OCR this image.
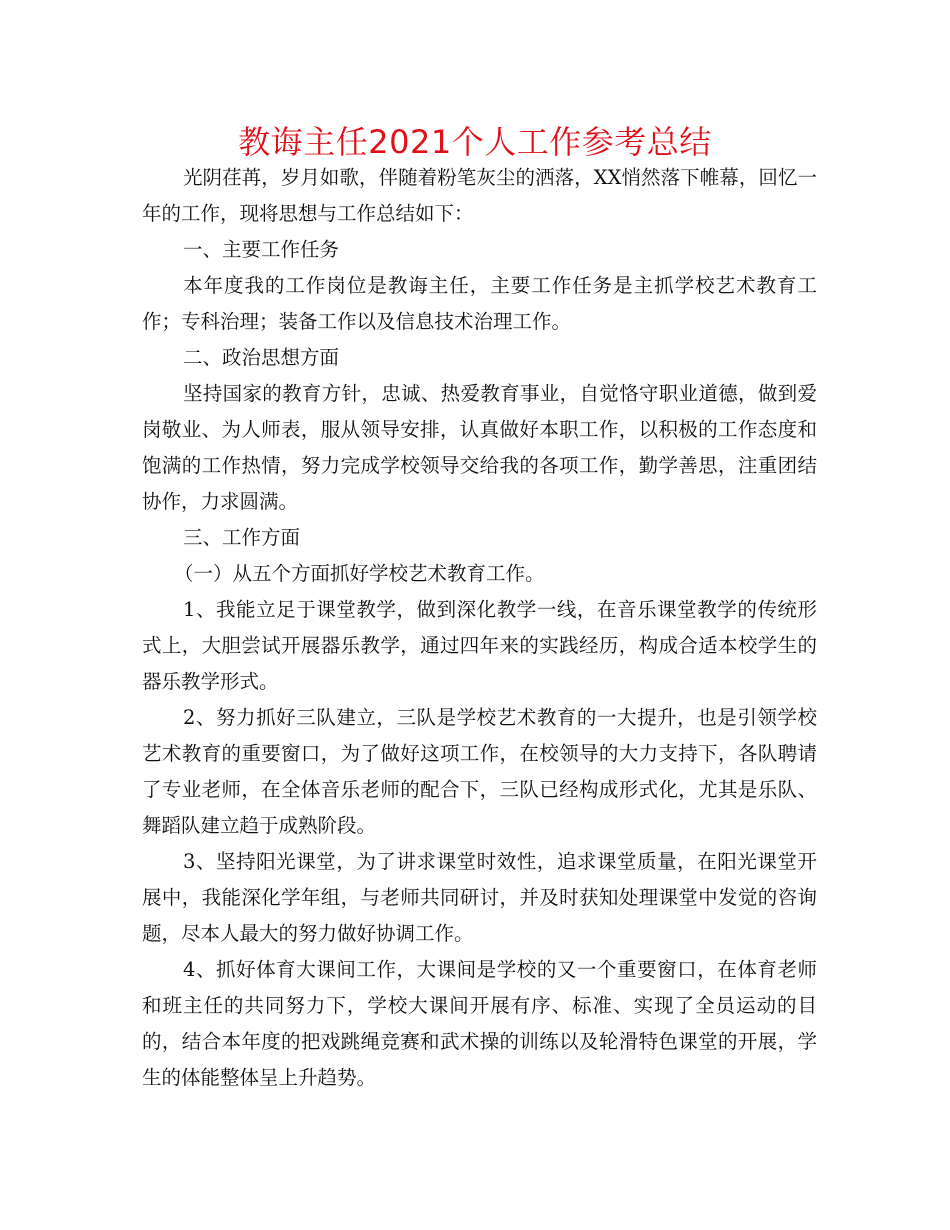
教诲主任2021个人工作参考总结

光阴荏苒，岁月如歌，伴随着粉笔灰尘的洒落，XX悄然落下帷幕，回忆一年的工作，现将思想与工作总结如下：

一、主要工作任务

本年度我的工作岗位是教诲主任，主要工作任务是主抓学校艺术教育工作；专科治理；装备工作以及信息技术治理工作。

二、政治思想方面

坚持国家的教育方针，忠诚、热爱教育事业，自觉恪守职业道德，做到爱岗敬业、为人师表，服从领导安排，认真做好本职工作，以积极的工作态度和饱满的工作热情，努力完成学校领导交给我的各项工作，勤学善思，注重团结协作，力求圆满。

三、工作方面

（一）从五个方面抓好学校艺术教育工作。

1、我能立足于课堂教学，做到深化教学一线，在音乐课堂教学的传统形式上，大胆尝试开展器乐教学，通过四年来的实践经历，构成合适本校学生的器乐教学形式。

2、努力抓好三队建立，三队是学校艺术教育的一大提升，也是引领学校艺术教育的重要窗口，为了做好这项工作，在校领导的大力支持下，各队聘请了专业老师，在全体音乐老师的配合下，三队已经构成形式化，尤其是乐队、舞蹈队建立趋于成熟阶段。

3、坚持阳光课堂，为了讲求课堂时效性，追求课堂质量，在阳光课堂开展中，我能深化学年组，与老师共同研讨，并及时获知处理课堂中发觉的咨询题，尽本人最大的努力做好协调工作。

4、抓好体育大课间工作，大课间是学校的又一个重要窗口，在体育老师和班主任的共同努力下，学校大课间开展有序、标准、实现了全员运动的目的，结合本年度的把戏跳绳竞赛和武术操的训练以及轮滑特色课堂的开展，学生的体能整体呈上升趋势。
